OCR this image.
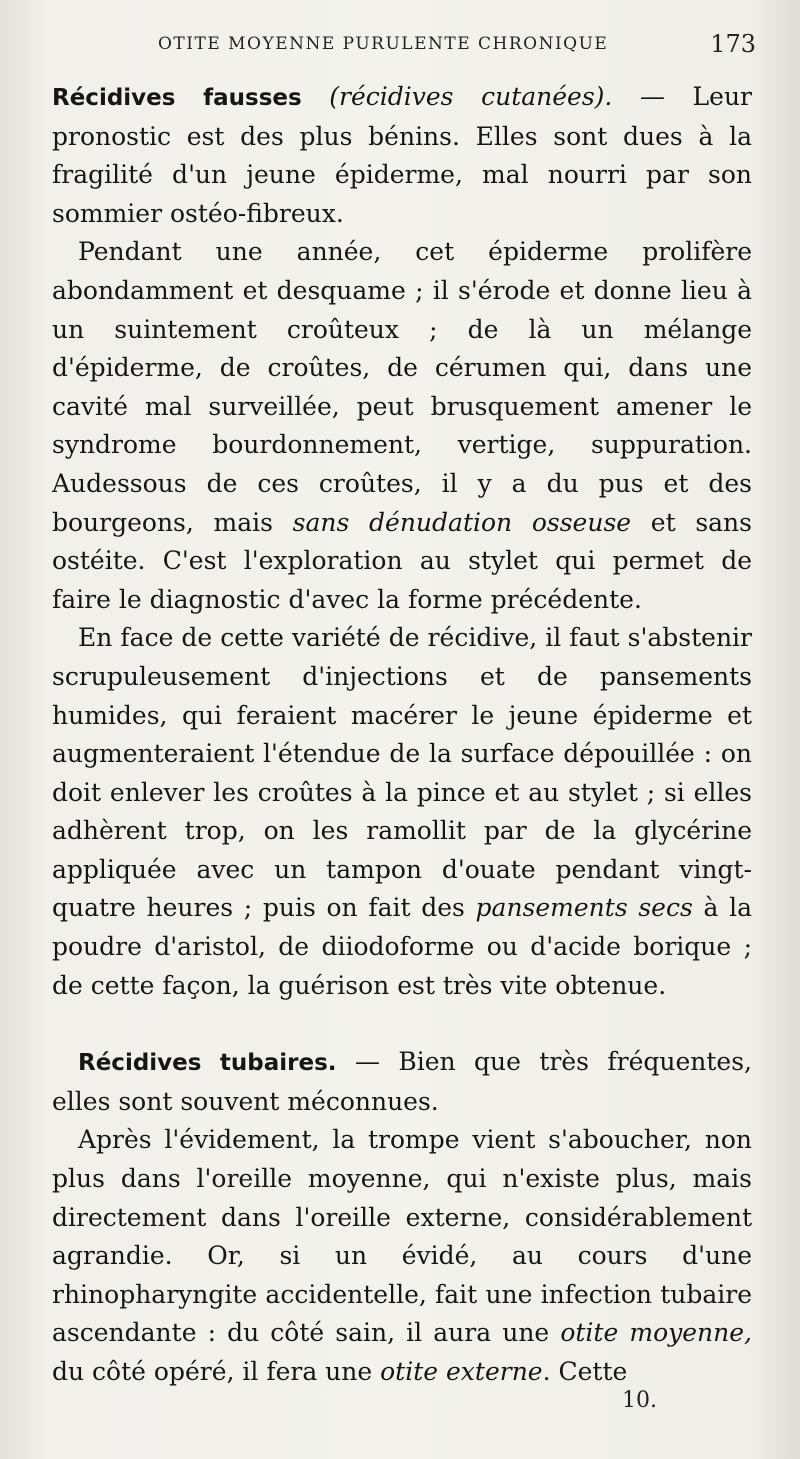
OTITE MOYENNE PURULENTE CHRONIQUE	173

Récidives fausses (récidives cutanées). — Leur pronostic est des plus bénins. Elles sont dues à la fragilité d'un jeune épiderme, mal nourri par son sommier ostéo-fibreux.

Pendant une année, cet épiderme prolifère abondamment et desquame ; il s'érode et donne lieu à un suintement croûteux ; de là un mélange d'épiderme, de croûtes, de cérumen qui, dans une cavité mal surveillée, peut brusquement amener le syndrome bourdonnement, vertige, suppuration. Audessous de ces croûtes, il y a du pus et des bourgeons, mais sans dénudation osseuse et sans ostéite. C'est l'exploration au stylet qui permet de faire le diagnostic d'avec la forme précédente.

En face de cette variété de récidive, il faut s'abstenir scrupuleusement d'injections et de pansements humides, qui feraient macérer le jeune épiderme et augmenteraient l'étendue de la surface dépouillée : on doit enlever les croûtes à la pince et au stylet ; si elles adhèrent trop, on les ramollit par de la glycérine appliquée avec un tampon d'ouate pendant vingt-quatre heures ; puis on fait des pansements secs à la poudre d'aristol, de diiodoforme ou d'acide borique ; de cette façon, la guérison est très vite obtenue.

Récidives tubaires. — Bien que très fréquentes, elles sont souvent méconnues.

Après l'évidement, la trompe vient s'aboucher, non plus dans l'oreille moyenne, qui n'existe plus, mais directement dans l'oreille externe, considérablement agrandie. Or, si un évidé, au cours d'une rhinopharyngite accidentelle, fait une infection tubaire ascendante : du côté sain, il aura une otite moyenne, du côté opéré, il fera une otite externe. Cette

10.
